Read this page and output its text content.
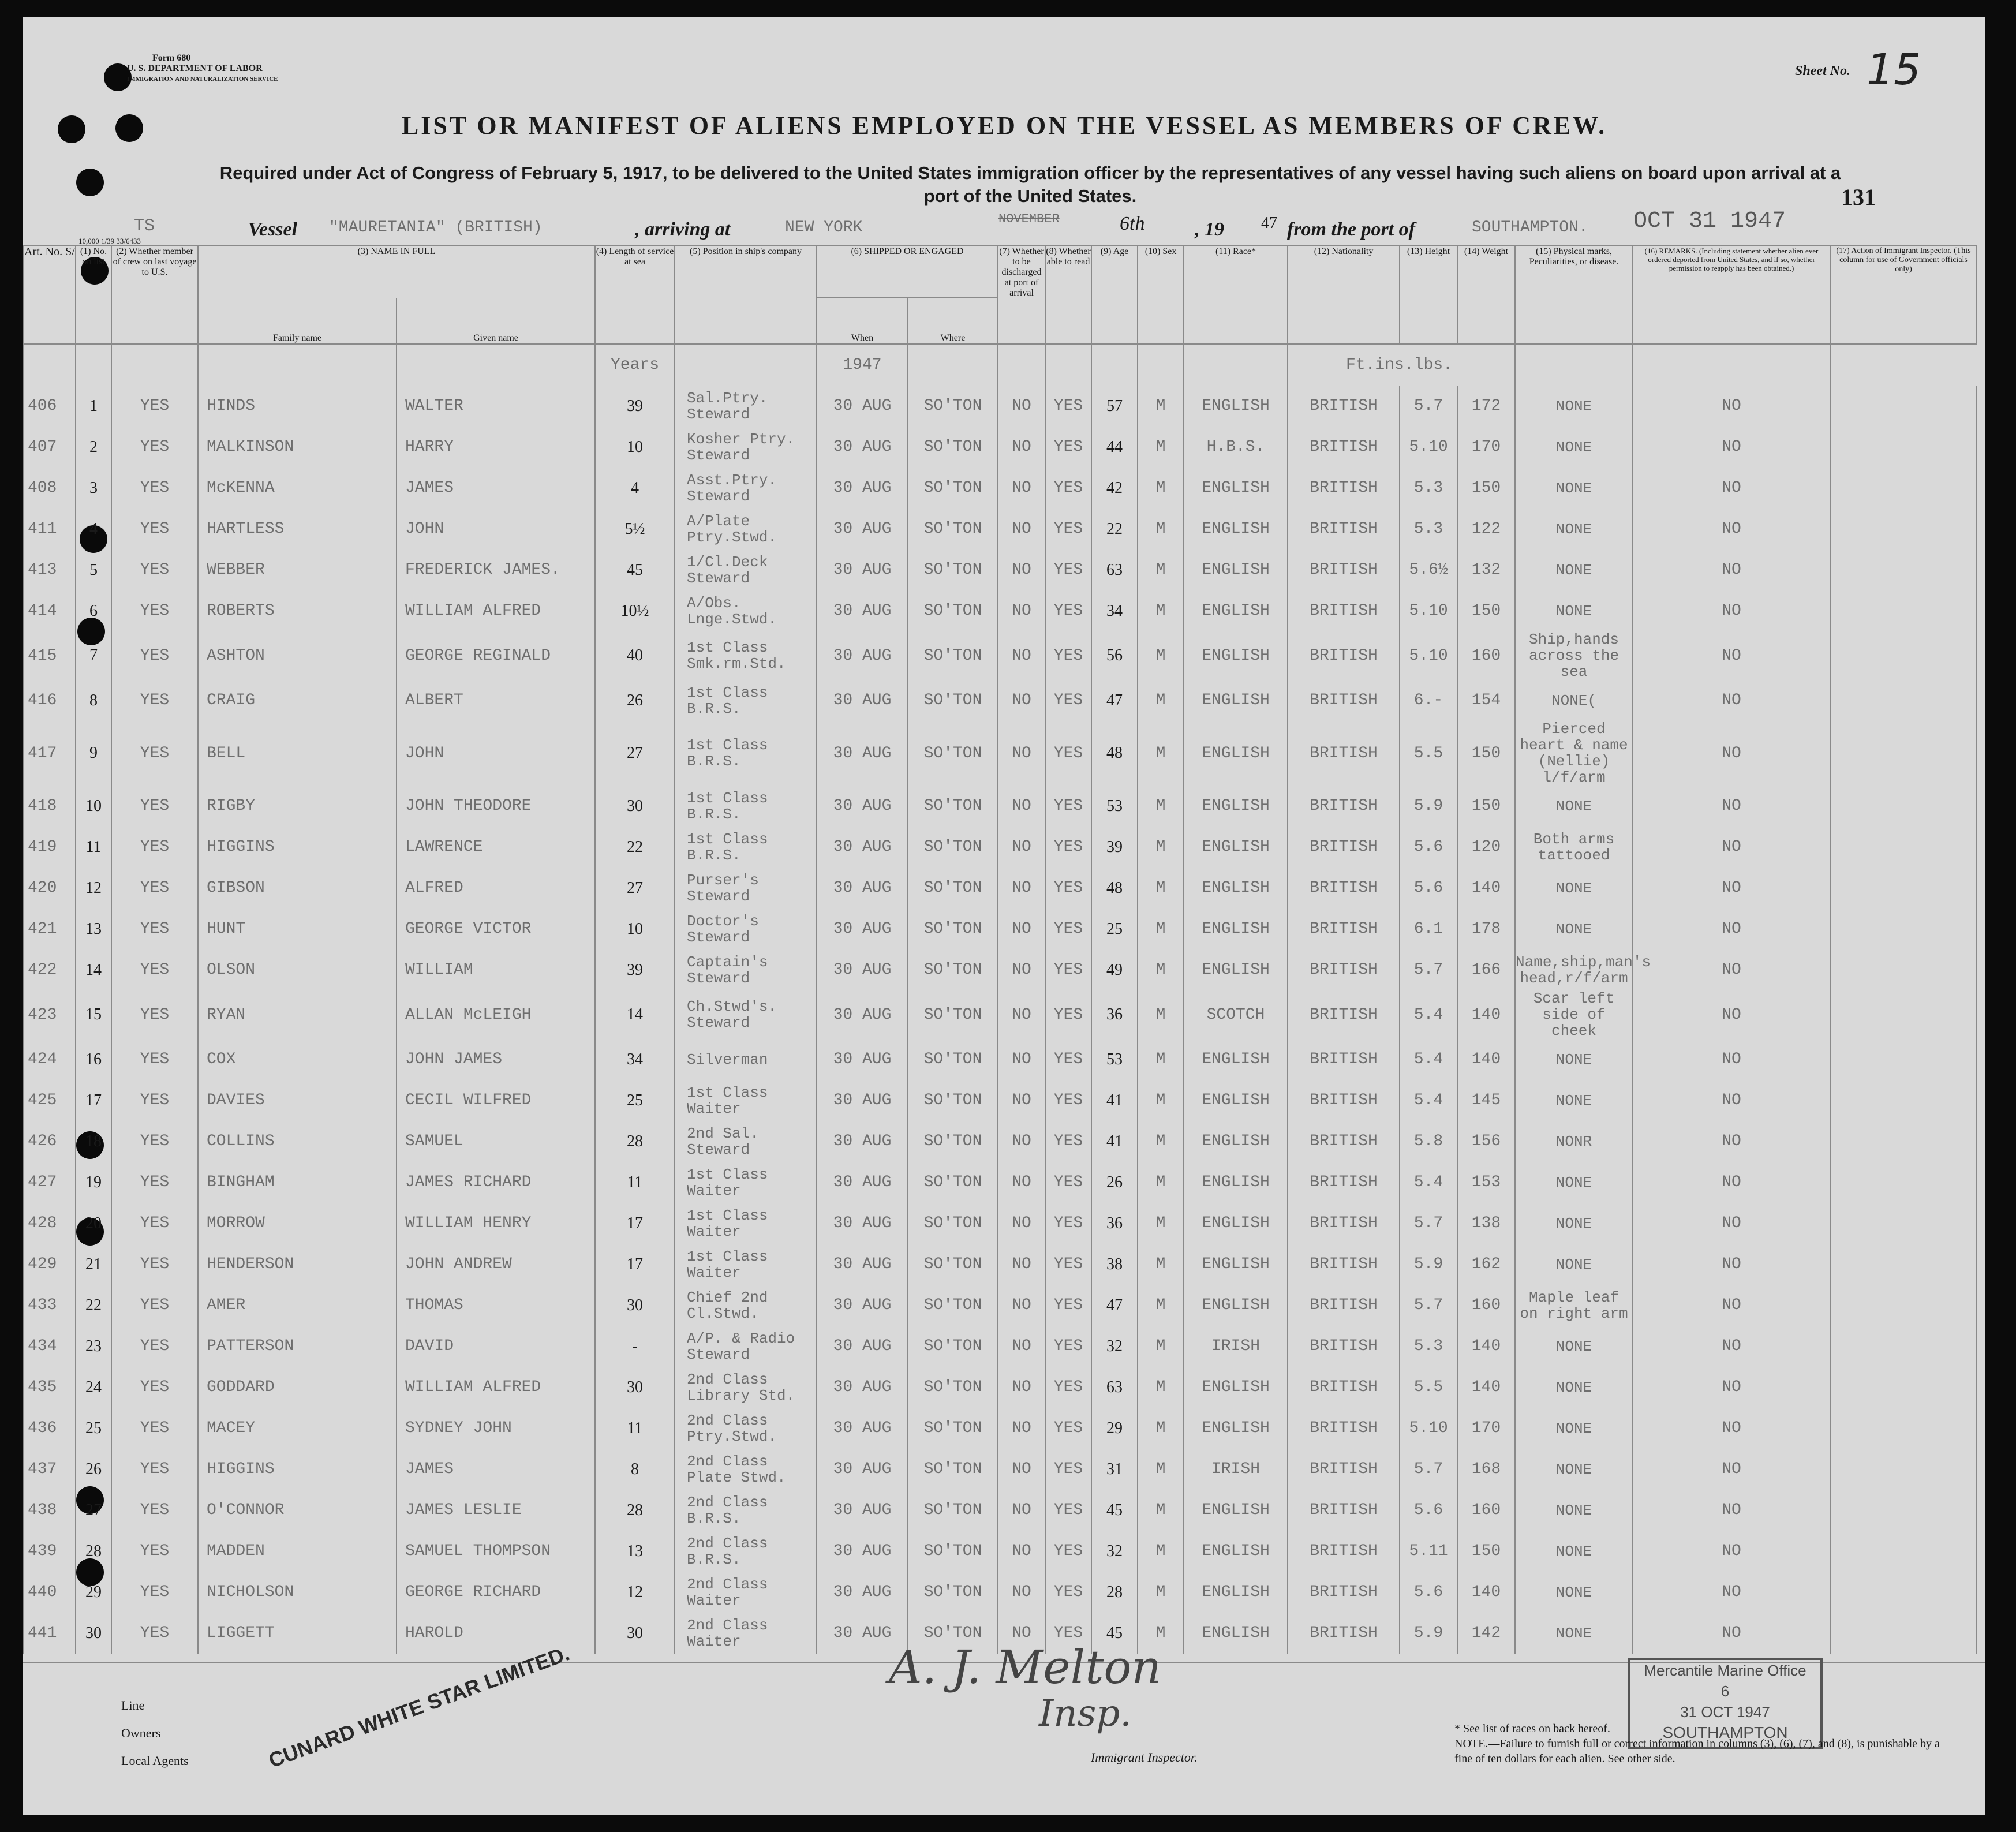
Form 680
U. S. DEPARTMENT OF LABOR
IMMIGRATION AND NATURALIZATION SERVICE
Sheet No. 15
LIST OR MANIFEST OF ALIENS EMPLOYED ON THE VESSEL AS MEMBERS OF CREW.
Required under Act of Congress of February 5, 1917, to be delivered to the United States immigration officer by the representatives of any vessel having such aliens on board upon arrival at a port of the United States.	131
TS	Vessel "MAURETANIA" (BRITISH)	, arriving at	NEW YORK	NOVEMBER	6th	, 19 47 from the port of	SOUTHAMPTON. OCT 31 1947
10,000 1/39 33/6433
Art. No. S/	(1) No. on list	(2) Whether member of crew on last voyage to U.S.	(3) NAME IN FULL		(4) Length of service at sea	(5) Position in ship's company	(6) SHIPPED OR ENGAGED		(7) Whether to be discharged at port of arrival	(8) Whether able to read	(9) Age	(10) Sex	(11) Race*	(12) Nationality	(13) Height	(14) Weight	(15) Physical marks, Peculiarities, or disease.	(16) REMARKS. (Including statement whether alien ever ordered deported from United States, and if so, whether permission to reapply has been obtained.)	(17) Action of Immigrant Inspector. (This column for use of Government officials only)
			Family name	Given name			When	Where											
					Years		1947							Ft.ins.lbs.					
406	1	YES	HINDS	WALTER	39	Sal.Ptry. Steward	30 AUG	SO'TON	NO	YES	57	M	ENGLISH	BRITISH	5.7	172	NONE	NO	
407	2	YES	MALKINSON	HARRY	10	Kosher Ptry. Steward	30 AUG	SO'TON	NO	YES	44	M	H.B.S.	BRITISH	5.10	170	NONE	NO	
408	3	YES	McKENNA	JAMES	4	Asst.Ptry. Steward	30 AUG	SO'TON	NO	YES	42	M	ENGLISH	BRITISH	5.3	150	NONE	NO	
411	4	YES	HARTLESS	JOHN	5½	A/Plate Ptry.Stwd.	30 AUG	SO'TON	NO	YES	22	M	ENGLISH	BRITISH	5.3	122	NONE	NO	
413	5	YES	WEBBER	FREDERICK JAMES.	45	1/Cl.Deck Steward	30 AUG	SO'TON	NO	YES	63	M	ENGLISH	BRITISH	5.6½	132	NONE	NO	
414	6	YES	ROBERTS	WILLIAM ALFRED	10½	A/Obs. Lnge.Stwd.	30 AUG	SO'TON	NO	YES	34	M	ENGLISH	BRITISH	5.10	150	NONE	NO	
415	7	YES	ASHTON	GEORGE REGINALD	40	1st Class Smk.rm.Std.	30 AUG	SO'TON	NO	YES	56	M	ENGLISH	BRITISH	5.10	160	Ship,hands across the sea	NO	
416	8	YES	CRAIG	ALBERT	26	1st Class B.R.S.	30 AUG	SO'TON	NO	YES	47	M	ENGLISH	BRITISH	6.-	154	NONE(	NO	
417	9	YES	BELL	JOHN	27	1st Class B.R.S.	30 AUG	SO'TON	NO	YES	48	M	ENGLISH	BRITISH	5.5	150	Pierced heart & name (Nellie) l/f/arm	NO	
418	10	YES	RIGBY	JOHN THEODORE	30	1st Class B.R.S.	30 AUG	SO'TON	NO	YES	53	M	ENGLISH	BRITISH	5.9	150	NONE	NO	
419	11	YES	HIGGINS	LAWRENCE	22	1st Class B.R.S.	30 AUG	SO'TON	NO	YES	39	M	ENGLISH	BRITISH	5.6	120	Both arms tattooed	NO	
420	12	YES	GIBSON	ALFRED	27	Purser's Steward	30 AUG	SO'TON	NO	YES	48	M	ENGLISH	BRITISH	5.6	140	NONE	NO	
421	13	YES	HUNT	GEORGE VICTOR	10	Doctor's Steward	30 AUG	SO'TON	NO	YES	25	M	ENGLISH	BRITISH	6.1	178	NONE	NO	
422	14	YES	OLSON	WILLIAM	39	Captain's Steward	30 AUG	SO'TON	NO	YES	49	M	ENGLISH	BRITISH	5.7	166	Name,ship,man's head,r/f/arm	NO	
423	15	YES	RYAN	ALLAN McLEIGH	14	Ch.Stwd's. Steward	30 AUG	SO'TON	NO	YES	36	M	SCOTCH	BRITISH	5.4	140	Scar left side of cheek	NO	
424	16	YES	COX	JOHN JAMES	34	Silverman	30 AUG	SO'TON	NO	YES	53	M	ENGLISH	BRITISH	5.4	140	NONE	NO	
425	17	YES	DAVIES	CECIL WILFRED	25	1st Class Waiter	30 AUG	SO'TON	NO	YES	41	M	ENGLISH	BRITISH	5.4	145	NONE	NO	
426	18	YES	COLLINS	SAMUEL	28	2nd Sal. Steward	30 AUG	SO'TON	NO	YES	41	M	ENGLISH	BRITISH	5.8	156	NONR	NO	
427	19	YES	BINGHAM	JAMES RICHARD	11	1st Class Waiter	30 AUG	SO'TON	NO	YES	26	M	ENGLISH	BRITISH	5.4	153	NONE	NO	
428	20	YES	MORROW	WILLIAM HENRY	17	1st Class Waiter	30 AUG	SO'TON	NO	YES	36	M	ENGLISH	BRITISH	5.7	138	NONE	NO	
429	21	YES	HENDERSON	JOHN ANDREW	17	1st Class Waiter	30 AUG	SO'TON	NO	YES	38	M	ENGLISH	BRITISH	5.9	162	NONE	NO	
433	22	YES	AMER	THOMAS	30	Chief 2nd Cl.Stwd.	30 AUG	SO'TON	NO	YES	47	M	ENGLISH	BRITISH	5.7	160	Maple leaf on right arm	NO	
434	23	YES	PATTERSON	DAVID	-	A/P. & Radio Steward	30 AUG	SO'TON	NO	YES	32	M	IRISH	BRITISH	5.3	140	NONE	NO	
435	24	YES	GODDARD	WILLIAM ALFRED	30	2nd Class Library Std.	30 AUG	SO'TON	NO	YES	63	M	ENGLISH	BRITISH	5.5	140	NONE	NO	
436	25	YES	MACEY	SYDNEY JOHN	11	2nd Class Ptry.Stwd.	30 AUG	SO'TON	NO	YES	29	M	ENGLISH	BRITISH	5.10	170	NONE	NO	
437	26	YES	HIGGINS	JAMES	8	2nd Class Plate Stwd.	30 AUG	SO'TON	NO	YES	31	M	IRISH	BRITISH	5.7	168	NONE	NO	
438	27	YES	O'CONNOR	JAMES LESLIE	28	2nd Class B.R.S.	30 AUG	SO'TON	NO	YES	45	M	ENGLISH	BRITISH	5.6	160	NONE	NO	
439	28	YES	MADDEN	SAMUEL THOMPSON	13	2nd Class B.R.S.	30 AUG	SO'TON	NO	YES	32	M	ENGLISH	BRITISH	5.11	150	NONE	NO	
440	29	YES	NICHOLSON	GEORGE RICHARD	12	2nd Class Waiter	30 AUG	SO'TON	NO	YES	28	M	ENGLISH	BRITISH	5.6	140	NONE	NO	
441	30	YES	LIGGETT	HAROLD	30	2nd Class Waiter	30 AUG	SO'TON	NO	YES	45	M	ENGLISH	BRITISH	5.9	142	NONE	NO	
Line
Owners
Local Agents	CUNARD WHITE STAR LIMITED.	A. J. Melton
Insp.
Immigrant Inspector.
Mercantile Marine Office
6
31 OCT 1947
SOUTHAMPTON
* See list of races on back hereof.
NOTE.—Failure to furnish full or correct information in columns (3), (6), (7), and (8), is punishable by a fine of ten dollars for each alien. See other side.
